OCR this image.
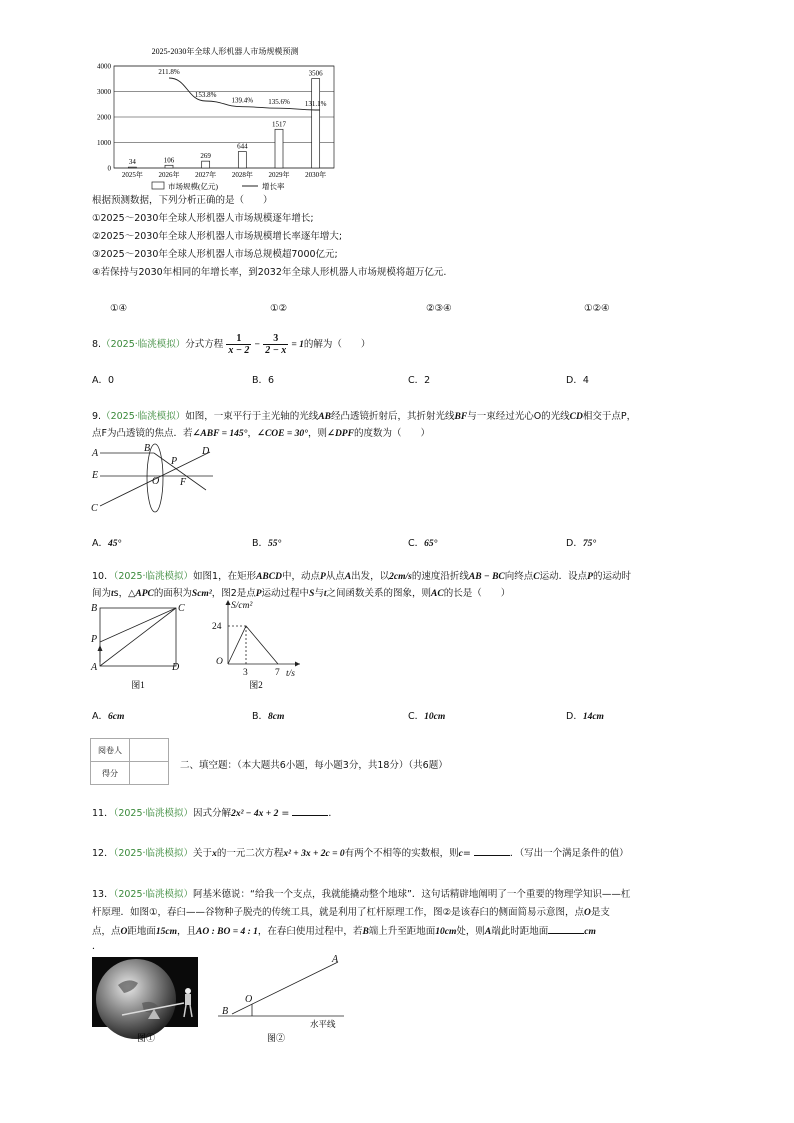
2025-2030年全球人形机器人市场规模预测
0
1000
2000
3000
4000
34
2025年
106
2026年
269
2027年
644
2028年
1517
2029年
3506
2030年
211.8%
153.8%
139.4% 135.6% 131.1%
市场规模(亿元)	增长率
根据预测数据，下列分析正确的是（　　）
①2025～2030年全球人形机器人市场规模逐年增长;
②2025～2030年全球人形机器人市场规模增长率逐年增大;
③2025～2030年全球人形机器人市场总规模超7000亿元;
④若保持与2030年相同的年增长率，到2032年全球人形机器人市场规模将超万亿元.
①④	①②	②③④	①②④
8.（2025·临洮模拟）分式方程 $\frac{1}{x - 2} - \frac{3}{2 - x} = 1$的解为（　　）
A．0	B．6	C．2	D．4
9.（2025·临洮模拟）如图，一束平行于主光轴的光线AB经凸透镜折射后，其折射光线BF与一束经过光心O的光线CD相交于点P，
点F为凸透镜的焦点．若∠ABF = 145°，∠COE = 30°，则∠DPF的度数为（　　）
A	B
C
D
E
F
O
P
A．45°	B．55°	C．65°	D．75°
10．（2025·临洮模拟）如图1，在矩形ABCD中，动点P从点A出发，以2cm/s的速度沿折线AB − BC向终点C运动．设点P的运动时
间为ts，△APC的面积为Scm²，图2是点P运动过程中S与t之间函数关系的图象，则AC的长是（　　）
B	C
P
A	D
图1
S/cm²
24
O
3	7 t/s
图2
A．6cm	B．8cm	C．10cm	D．14cm
阅卷人	
得分	
二、填空题：（本大题共6小题，每小题3分，共18分）（共6题）
11．（2025·临洮模拟）因式分解2x² − 4x + 2 =	．
12．（2025·临洮模拟）关于x的一元二次方程x² + 3x + 2c = 0有两个不相等的实数根，则c=	．（写出一个满足条件的值）
13．（2025·临洮模拟）阿基米德说：“给我一个支点，我就能撬动整个地球”．这句话精辟地阐明了一个重要的物理学知识——杠
杆原理．如图①，春臼——谷物种子脱壳的传统工具，就是利用了杠杆原理工作，图②是该春臼的侧面简易示意图，点O是支
点，点O距地面15cm，且AO : BO = 4 : 1，在春臼使用过程中，若B端上升至距地面10cm处，则A端此时距地面	cm
．
图①
A
O
B
水平线
图②
